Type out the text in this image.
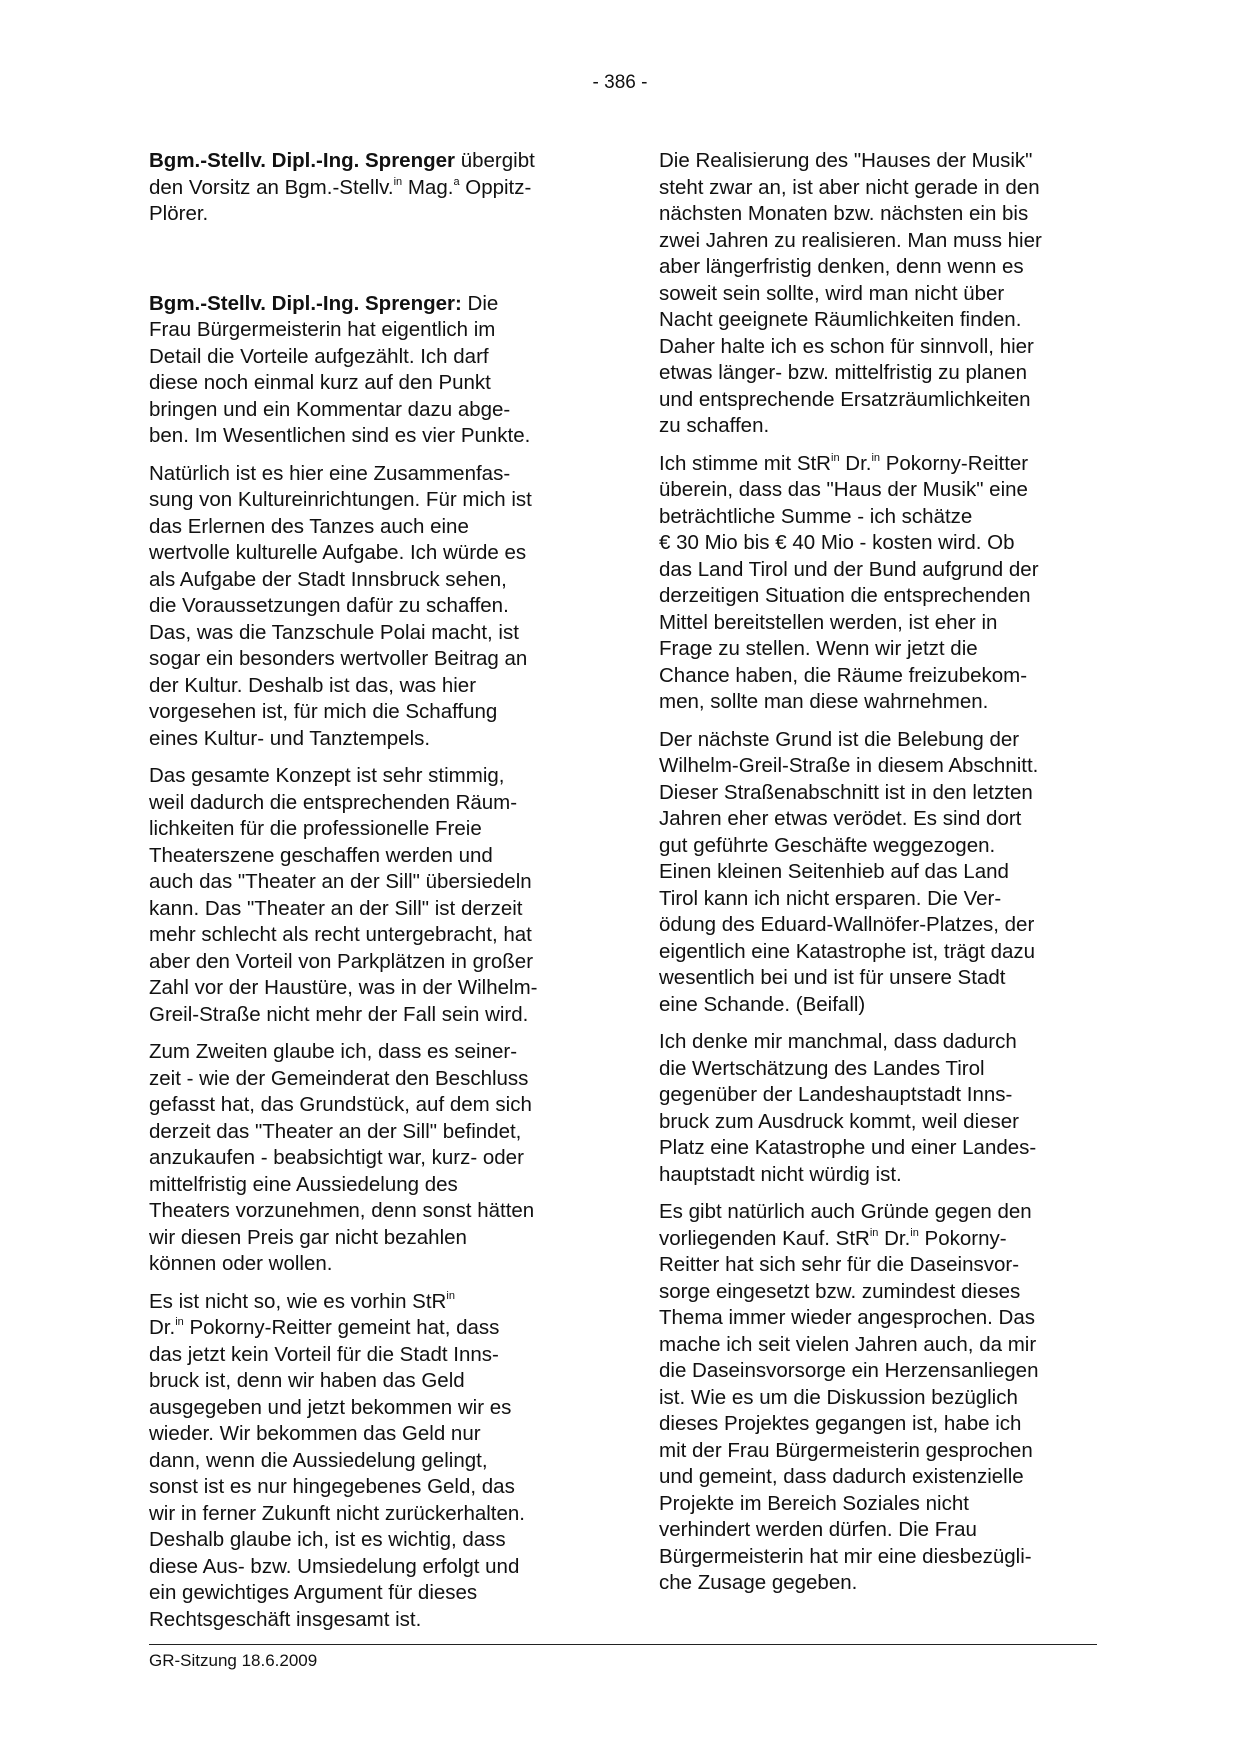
- 386 -

Bgm.-Stellv. Dipl.-Ing. Sprenger übergibt
den Vorsitz an Bgm.-Stellv.$^{in}$ Mag.$^a$ Oppitz-
Plörer.

Bgm.-Stellv. Dipl.-Ing. Sprenger: Die
Frau Bürgermeisterin hat eigentlich im
Detail die Vorteile aufgezählt. Ich darf
diese noch einmal kurz auf den Punkt
bringen und ein Kommentar dazu abge-
ben. Im Wesentlichen sind es vier Punkte.

Natürlich ist es hier eine Zusammenfas-
sung von Kultureinrichtungen. Für mich ist
das Erlernen des Tanzes auch eine
wertvolle kulturelle Aufgabe. Ich würde es
als Aufgabe der Stadt Innsbruck sehen,
die Voraussetzungen dafür zu schaffen.
Das, was die Tanzschule Polai macht, ist
sogar ein besonders wertvoller Beitrag an
der Kultur. Deshalb ist das, was hier
vorgesehen ist, für mich die Schaffung
eines Kultur- und Tanztempels.

Das gesamte Konzept ist sehr stimmig,
weil dadurch die entsprechenden Räum-
lichkeiten für die professionelle Freie
Theaterszene geschaffen werden und
auch das "Theater an der Sill" übersiedeln
kann. Das "Theater an der Sill" ist derzeit
mehr schlecht als recht untergebracht, hat
aber den Vorteil von Parkplätzen in großer
Zahl vor der Haustüre, was in der Wilhelm-
Greil-Straße nicht mehr der Fall sein wird.

Zum Zweiten glaube ich, dass es seiner-
zeit - wie der Gemeinderat den Beschluss
gefasst hat, das Grundstück, auf dem sich
derzeit das "Theater an der Sill" befindet,
anzukaufen - beabsichtigt war, kurz- oder
mittelfristig eine Aussiedelung des
Theaters vorzunehmen, denn sonst hätten
wir diesen Preis gar nicht bezahlen
können oder wollen.

Es ist nicht so, wie es vorhin StR$^{in}$
Dr.$^{in}$ Pokorny-Reitter gemeint hat, dass
das jetzt kein Vorteil für die Stadt Inns-
bruck ist, denn wir haben das Geld
ausgegeben und jetzt bekommen wir es
wieder. Wir bekommen das Geld nur
dann, wenn die Aussiedelung gelingt,
sonst ist es nur hingegebenes Geld, das
wir in ferner Zukunft nicht zurückerhalten.
Deshalb glaube ich, ist es wichtig, dass
diese Aus- bzw. Umsiedelung erfolgt und
ein gewichtiges Argument für dieses
Rechtsgeschäft insgesamt ist.

Die Realisierung des "Hauses der Musik"
steht zwar an, ist aber nicht gerade in den
nächsten Monaten bzw. nächsten ein bis
zwei Jahren zu realisieren. Man muss hier
aber längerfristig denken, denn wenn es
soweit sein sollte, wird man nicht über
Nacht geeignete Räumlichkeiten finden.
Daher halte ich es schon für sinnvoll, hier
etwas länger- bzw. mittelfristig zu planen
und entsprechende Ersatzräumlichkeiten
zu schaffen.

Ich stimme mit StR$^{in}$ Dr.$^{in}$ Pokorny-Reitter
überein, dass das "Haus der Musik" eine
beträchtliche Summe - ich schätze
€ 30 Mio bis € 40 Mio - kosten wird. Ob
das Land Tirol und der Bund aufgrund der
derzeitigen Situation die entsprechenden
Mittel bereitstellen werden, ist eher in
Frage zu stellen. Wenn wir jetzt die
Chance haben, die Räume freizubekom-
men, sollte man diese wahrnehmen.

Der nächste Grund ist die Belebung der
Wilhelm-Greil-Straße in diesem Abschnitt.
Dieser Straßenabschnitt ist in den letzten
Jahren eher etwas verödet. Es sind dort
gut geführte Geschäfte weggezogen.
Einen kleinen Seitenhieb auf das Land
Tirol kann ich nicht ersparen. Die Ver-
ödung des Eduard-Wallnöfer-Platzes, der
eigentlich eine Katastrophe ist, trägt dazu
wesentlich bei und ist für unsere Stadt
eine Schande. (Beifall)

Ich denke mir manchmal, dass dadurch
die Wertschätzung des Landes Tirol
gegenüber der Landeshauptstadt Inns-
bruck zum Ausdruck kommt, weil dieser
Platz eine Katastrophe und einer Landes-
hauptstadt nicht würdig ist.

Es gibt natürlich auch Gründe gegen den
vorliegenden Kauf. StR$^{in}$ Dr.$^{in}$ Pokorny-
Reitter hat sich sehr für die Daseinsvor-
sorge eingesetzt bzw. zumindest dieses
Thema immer wieder angesprochen. Das
mache ich seit vielen Jahren auch, da mir
die Daseinsvorsorge ein Herzensanliegen
ist. Wie es um die Diskussion bezüglich
dieses Projektes gegangen ist, habe ich
mit der Frau Bürgermeisterin gesprochen
und gemeint, dass dadurch existenzielle
Projekte im Bereich Soziales nicht
verhindert werden dürfen. Die Frau
Bürgermeisterin hat mir eine diesbezügli-
che Zusage gegeben.

GR-Sitzung 18.6.2009
